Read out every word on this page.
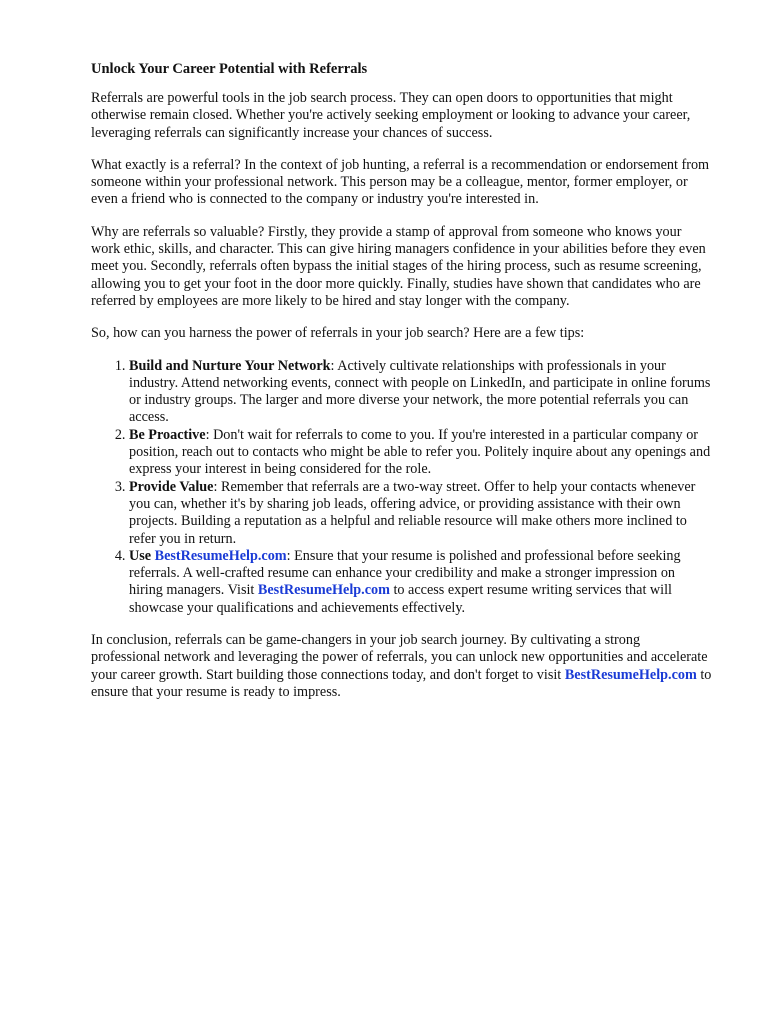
Unlock Your Career Potential with Referrals

Referrals are powerful tools in the job search process. They can open doors to opportunities that might otherwise remain closed. Whether you're actively seeking employment or looking to advance your career, leveraging referrals can significantly increase your chances of success.

What exactly is a referral? In the context of job hunting, a referral is a recommendation or endorsement from someone within your professional network. This person may be a colleague, mentor, former employer, or even a friend who is connected to the company or industry you're interested in.

Why are referrals so valuable? Firstly, they provide a stamp of approval from someone who knows your work ethic, skills, and character. This can give hiring managers confidence in your abilities before they even meet you. Secondly, referrals often bypass the initial stages of the hiring process, such as resume screening, allowing you to get your foot in the door more quickly. Finally, studies have shown that candidates who are referred by employees are more likely to be hired and stay longer with the company.

So, how can you harness the power of referrals in your job search? Here are a few tips:

1. Build and Nurture Your Network: Actively cultivate relationships with professionals in your industry. Attend networking events, connect with people on LinkedIn, and participate in online forums or industry groups. The larger and more diverse your network, the more potential referrals you can access.
2. Be Proactive: Don't wait for referrals to come to you. If you're interested in a particular company or position, reach out to contacts who might be able to refer you. Politely inquire about any openings and express your interest in being considered for the role.
3. Provide Value: Remember that referrals are a two-way street. Offer to help your contacts whenever you can, whether it's by sharing job leads, offering advice, or providing assistance with their own projects. Building a reputation as a helpful and reliable resource will make others more inclined to refer you in return.
4. Use BestResumeHelp.com: Ensure that your resume is polished and professional before seeking referrals. A well-crafted resume can enhance your credibility and make a stronger impression on hiring managers. Visit BestResumeHelp.com to access expert resume writing services that will showcase your qualifications and achievements effectively.

In conclusion, referrals can be game-changers in your job search journey. By cultivating a strong professional network and leveraging the power of referrals, you can unlock new opportunities and accelerate your career growth. Start building those connections today, and don't forget to visit BestResumeHelp.com to ensure that your resume is ready to impress.
